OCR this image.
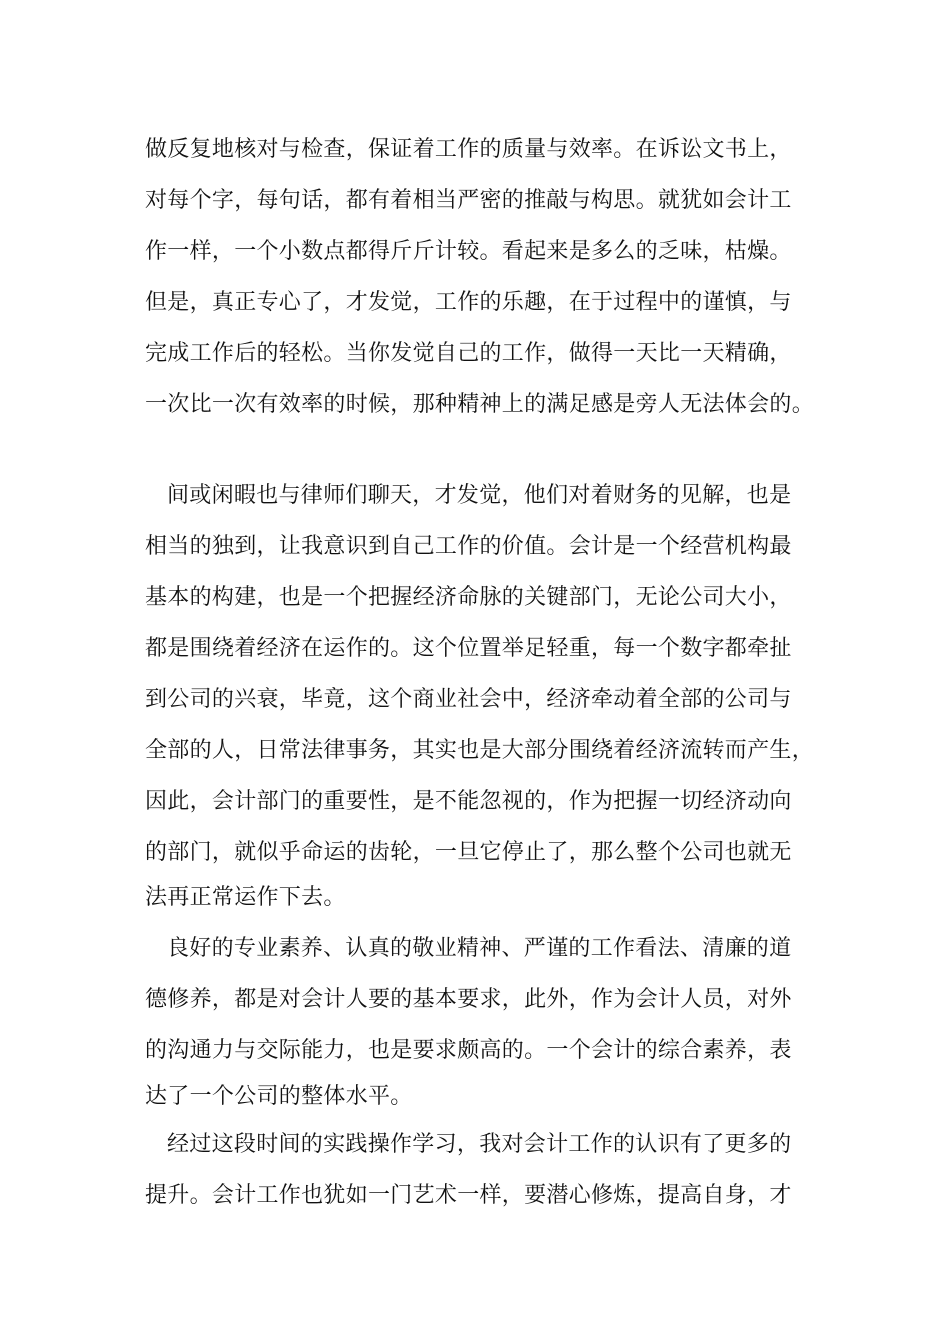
做反复地核对与检查，保证着工作的质量与效率。在诉讼文书上，
对每个字，每句话，都有着相当严密的推敲与构思。就犹如会计工
作一样，一个小数点都得斤斤计较。看起来是多么的乏味，枯燥。
但是，真正专心了，才发觉，工作的乐趣，在于过程中的谨慎，与
完成工作后的轻松。当你发觉自己的工作，做得一天比一天精确，
一次比一次有效率的时候，那种精神上的满足感是旁人无法体会的。
间或闲暇也与律师们聊天，才发觉，他们对着财务的见解，也是
相当的独到，让我意识到自己工作的价值。会计是一个经营机构最
基本的构建，也是一个把握经济命脉的关键部门，无论公司大小，
都是围绕着经济在运作的。这个位置举足轻重，每一个数字都牵扯
到公司的兴衰，毕竟，这个商业社会中，经济牵动着全部的公司与
全部的人，日常法律事务，其实也是大部分围绕着经济流转而产生，
因此，会计部门的重要性，是不能忽视的，作为把握一切经济动向
的部门，就似乎命运的齿轮，一旦它停止了，那么整个公司也就无
法再正常运作下去。
良好的专业素养、认真的敬业精神、严谨的工作看法、清廉的道
德修养，都是对会计人要的基本要求，此外，作为会计人员，对外
的沟通力与交际能力，也是要求颇高的。一个会计的综合素养，表
达了一个公司的整体水平。
经过这段时间的实践操作学习，我对会计工作的认识有了更多的
提升。会计工作也犹如一门艺术一样，要潜心修炼，提高自身，才
